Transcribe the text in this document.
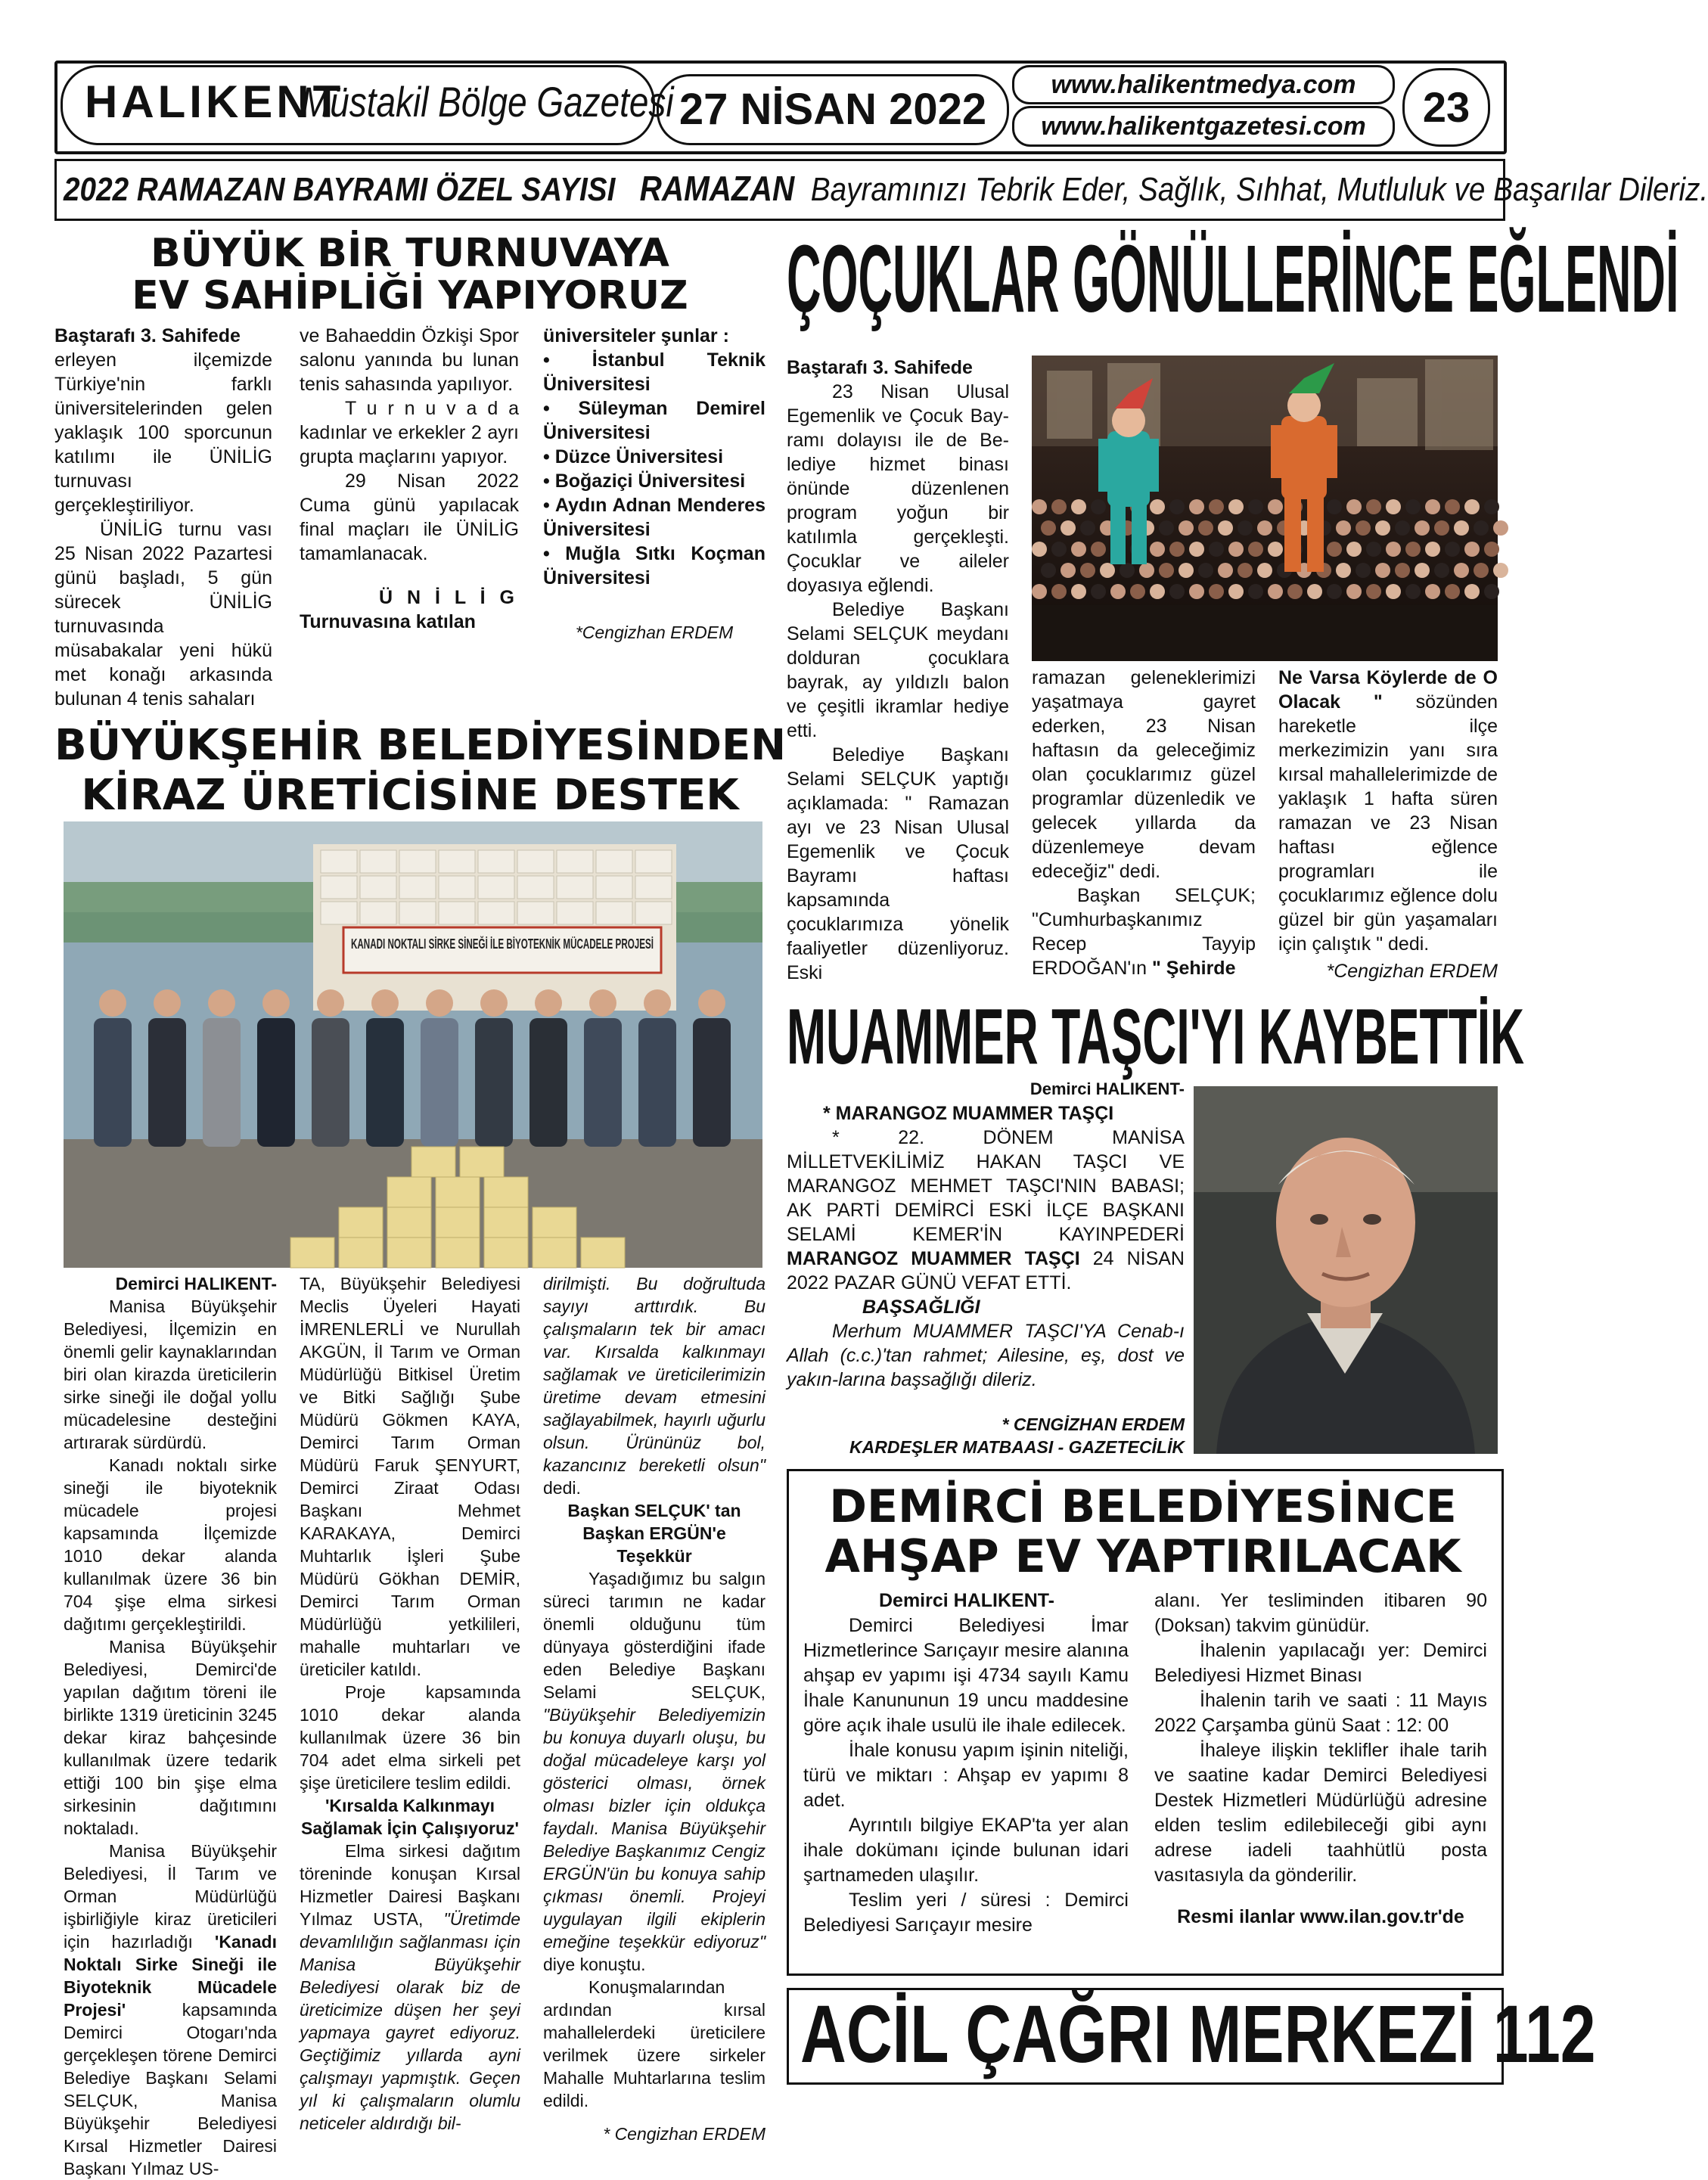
HALIKENT
Müstakil Bölge Gazetesi 27 NİSAN 2022	www.halikentmedya.com
www.halikentgazetesi.com	23
2022 RAMAZAN BAYRAMI ÖZEL SAYISI RAMAZAN Bayramınızı Tebrik Eder, Sağlık, Sıhhat, Mutluluk ve Başarılar Dileriz.
BÜYÜK BİR TURNUVAYA
EV SAHİPLİĞİ YAPIYORUZ

Baştarafı 3. Sahifede

erleyen ilçemizde Türkiye'nin farklı üniversitelerinden gelen yaklaşık 100 sporcunun katılımı ile ÜNİLİG turnuvası gerçekleştiriliyor.

ÜNİLİG turnu vası 25 Nisan 2022 Pazartesi günü başladı, 5 gün sürecek ÜNİLİG turnuvasında müsabakalar yeni hükü met konağı arkasında bulunan 4 tenis sahaları

ve Bahaeddin Özkişi Spor salonu yanında bu lunan tenis sahasında yapılıyor.

T u r n u v a d a kadınlar ve erkekler 2 ayrı grupta maçlarını yapıyor.

29 Nisan 2022 Cuma günü yapılacak final maçları ile ÜNİLİG tamamlanacak.

Ü N İ L İ G

Turnuvasına katılan

üniversiteler şunlar :

• İstanbul Teknik Üniversitesi

• Süleyman Demirel Üniversitesi

• Düzce Üniversitesi

• Boğaziçi Üniversitesi

• Aydın Adnan Menderes Üniversitesi

• Muğla Sıtkı Koçman Üniversitesi

*Cengizhan ERDEM

ÇOÇUKLAR GÖNÜLLERİNCE EĞLENDİ

Baştarafı 3. Sahifede

23 Nisan Ulusal Egemenlik ve Çocuk Bay-ramı dolayısı ile de Be-lediye hizmet binası önünde düzenlenen program yoğun bir katılımla gerçekleşti. Çocuklar ve aileler doyasıya eğlendi.

Belediye Başkanı Selami SELÇUK meydanı dolduran çocuklara bayrak, ay yıldızlı balon ve çeşitli ikramlar hediye etti.

Belediye Başkanı Selami SELÇUK yaptığı açıklamada: " Ramazan ayı ve 23 Nisan Ulusal Egemenlik ve Çocuk Bayramı haftası kapsamında çocuklarımıza yönelik faaliyetler düzenliyoruz. Eski

ramazan geleneklerimizi yaşatmaya gayret ederken, 23 Nisan haftasın da geleceğimiz olan çocuklarımız güzel programlar düzenledik ve gelecek yıllarda da düzenlemeye devam edeceğiz" dedi.

Başkan SELÇUK; "Cumhurbaşkanımız Recep Tayyip ERDOĞAN'ın " Şehirde

Ne Varsa Köylerde de O Olacak " sözünden hareketle ilçe merkezimizin yanı sıra kırsal mahallelerimizde de yaklaşık 1 hafta süren ramazan ve 23 Nisan haftası eğlence programları ile çocuklarımız eğlence dolu güzel bir gün yaşamaları için çalıştık " dedi.

*Cengizhan ERDEM

BÜYÜKŞEHİR BELEDİYESİNDEN
KİRAZ ÜRETİCİSİNE DESTEK
KANADI NOKTALI SİRKE SİNEĞİ İLE BİYOTEKNİK MÜCADELE PROJESİ

Demirci HALIKENT-

Manisa Büyükşehir Belediyesi, İlçemizin en önemli gelir kaynaklarından biri olan kirazda üreticilerin sirke sineği ile doğal yollu mücadelesine desteğini artırarak sürdürdü.

Kanadı noktalı sirke sineği ile biyoteknik mücadele projesi kapsamında İlçemizde 1010 dekar alanda kullanılmak üzere 36 bin 704 şişe elma sirkesi dağıtımı gerçekleştirildi.

Manisa Büyükşehir Belediyesi, Demirci'de yapılan dağıtım töreni ile birlikte 1319 üreticinin 3245 dekar kiraz bahçesinde kullanılmak üzere tedarik ettiği 100 bin şişe elma sirkesinin dağıtımını noktaladı.

Manisa Büyükşehir Belediyesi, İl Tarım ve Orman Müdürlüğü işbirliğiyle kiraz üreticileri için hazırladığı 'Kanadı Noktalı Sirke Sineği ile Biyoteknik Mücadele Projesi'	kapsamında Demirci Otogarı'nda gerçekleşen törene Demirci Belediye Başkanı Selami SELÇUK, Manisa Büyükşehir Belediyesi Kırsal Hizmetler Dairesi Başkanı Yılmaz US-

TA, Büyükşehir Belediyesi Meclis Üyeleri Hayati İMRENLERLİ ve Nurullah AKGÜN, İl Tarım ve Orman Müdürlüğü Bitkisel Üretim ve Bitki Sağlığı Şube Müdürü Gökmen KAYA, Demirci Tarım Orman Müdürü Faruk ŞENYURT, Demirci Ziraat Odası Başkanı Mehmet KARAKAYA, Demirci Muhtarlık İşleri Şube Müdürü Gökhan DEMİR, Demirci Tarım Orman Müdürlüğü yetkilileri, mahalle muhtarları ve üreticiler katıldı.

Proje kapsamında 1010 dekar alanda kullanılmak üzere 36 bin 704 adet elma sirkeli pet şişe üreticilere teslim edildi.

'Kırsalda Kalkınmayı Sağlamak İçin Çalışıyoruz'

Elma sirkesi dağıtım töreninde konuşan Kırsal Hizmetler Dairesi Başkanı Yılmaz USTA, "Üretimde devamlılığın sağlanması için Manisa Büyükşehir Belediyesi olarak biz de üreticimize düşen her şeyi yapmaya gayret ediyoruz. Geçtiğimiz yıllarda ayni çalışmayı yapmıştık. Geçen yıl ki çalışmaların olumlu neticeler aldırdığı bil-

dirilmişti. Bu doğrultuda sayıyı arttırdık. Bu çalışmaların tek bir amacı var. Kırsalda kalkınmayı sağlamak ve üreticilerimizin üretime devam etmesini sağlayabilmek, hayırlı uğurlu olsun. Ürününüz bol, kazancınız bereketli olsun" dedi.

Başkan SELÇUK' tan Başkan ERGÜN'e Teşekkür

Yaşadığımız bu salgın süreci tarımın ne kadar önemli olduğunu tüm dünyaya gösterdiğini ifade eden Belediye Başkanı Selami SELÇUK, "Büyükşehir Belediyemizin bu konuya duyarlı oluşu, bu doğal mücadeleye karşı yol gösterici olması, örnek olması bizler için oldukça faydalı. Manisa Büyükşehir Belediye Başkanımız Cengiz ERGÜN'ün bu konuya sahip çıkması önemli. Projeyi uygulayan ilgili ekiplerin emeğine teşekkür ediyoruz" diye konuştu.

Konuşmalarından ardından kırsal mahallelerdeki üreticilere verilmek üzere sirkeler Mahalle Muhtarlarına teslim edildi.

* Cengizhan ERDEM

MUAMMER TAŞCI'YI KAYBETTİK

Demirci HALIKENT-

* MARANGOZ MUAMMER TAŞÇI

* 22. DÖNEM MANİSA MİLLETVEKİLİMİZ HAKAN TAŞCI VE MARANGOZ MEHMET TAŞCI'NIN BABASI; AK PARTİ DEMİRCİ ESKİ İLÇE BAŞKANI SELAMİ KEMER'İN KAYINPEDERİ MARANGOZ MUAMMER TAŞÇI 24 NİSAN 2022 PAZAR GÜNÜ VEFAT ETTİ.

BAŞSAĞLIĞI

Merhum MUAMMER TAŞCI'YA Cenab-ı Allah (c.c.)'tan rahmet; Ailesine, eş, dost ve yakın-larına başsağlığı dileriz.

* CENGİZHAN ERDEM

KARDEŞLER MATBAASI - GAZETECİLİK

DEMİRCİ BELEDİYESİNCE
AHŞAP EV YAPTIRILACAK

Demirci HALIKENT-

Demirci Belediyesi İmar Hizmetlerince Sarıçayır mesire alanına ahşap ev yapımı işi 4734 sayılı Kamu İhale Kanununun 19 uncu maddesine göre açık ihale usulü ile ihale edilecek.

İhale konusu yapım işinin niteliği, türü ve miktarı : Ahşap ev yapımı 8 adet.

Ayrıntılı bilgiye EKAP'ta yer alan ihale dokümanı içinde bulunan idari şartnameden ulaşılır.

Teslim yeri / süresi : Demirci Belediyesi Sarıçayır mesire

alanı. Yer tesliminden itibaren 90 (Doksan) takvim günüdür.

İhalenin yapılacağı yer: Demirci Belediyesi Hizmet Binası

İhalenin tarih ve saati : 11 Mayıs 2022 Çarşamba günü Saat : 12: 00

İhaleye ilişkin teklifler ihale tarih ve saatine kadar Demirci Belediyesi Destek Hizmetleri Müdürlüğü adresine elden teslim edilebileceği gibi aynı adrese iadeli taahhütlü posta vasıtasıyla da gönderilir.

Resmi ilanlar www.ilan.gov.tr'de

ACİL ÇAĞRI MERKEZİ 112
